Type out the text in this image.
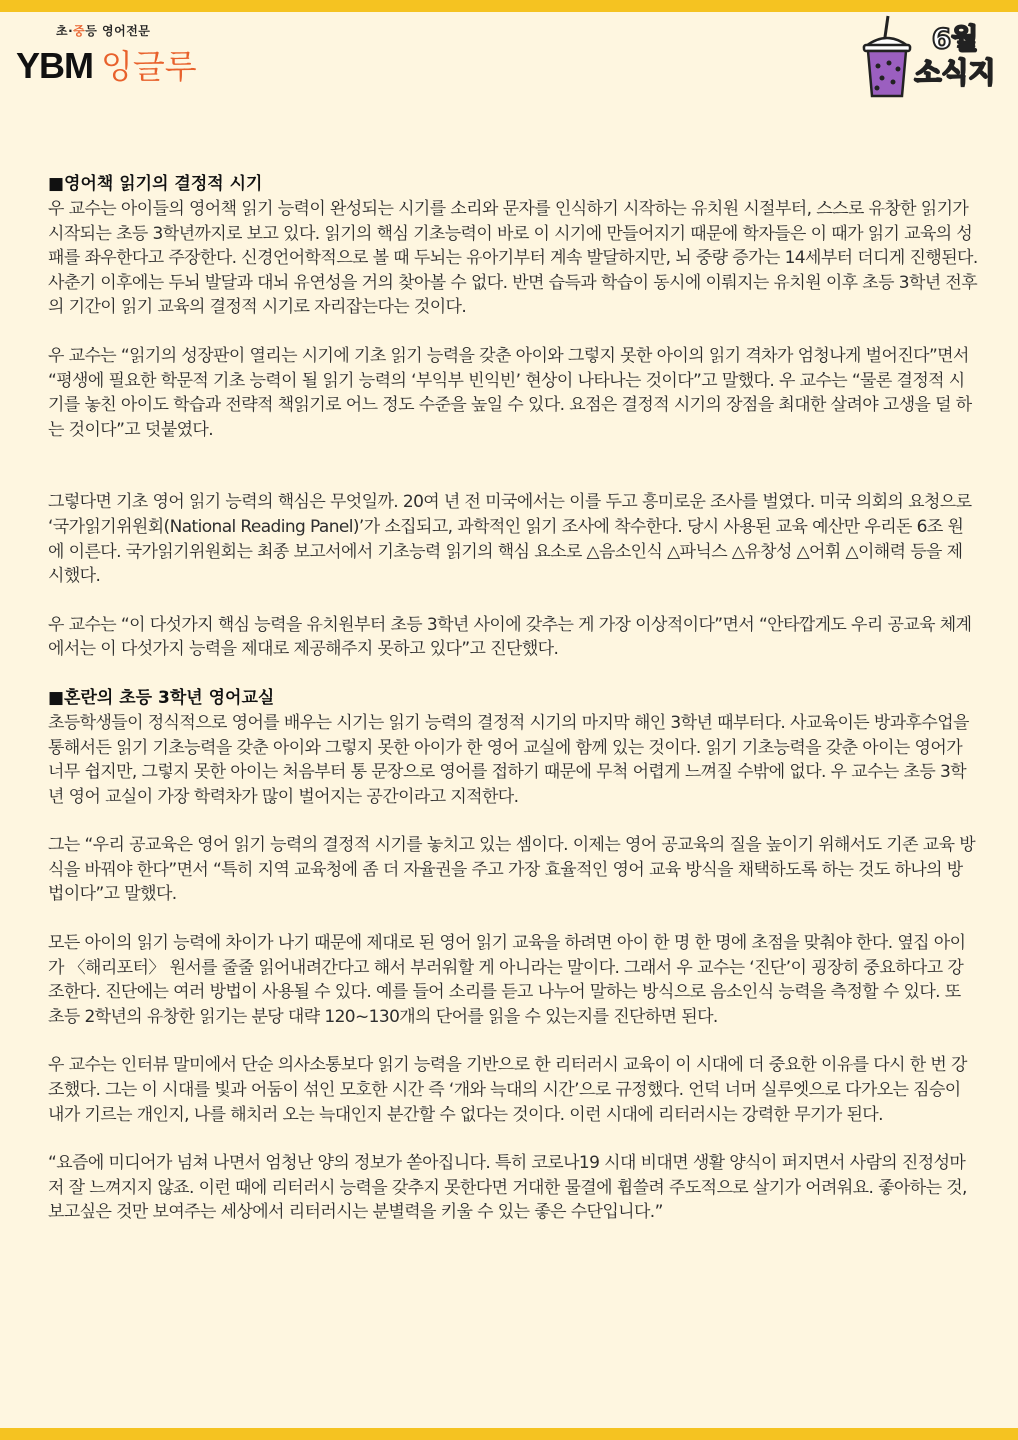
초·중등 영어전문
YBM 잉글루
6월
소식지
■영어책 읽기의 결정적 시기

우 교수는 아이들의 영어책 읽기 능력이 완성되는 시기를 소리와 문자를 인식하기 시작하는 유치원 시절부터, 스스로 유창한 읽기가 시작되는 초등 3학년까지로 보고 있다. 읽기의 핵심 기초능력이 바로 이 시기에 만들어지기 때문에 학자들은 이 때가 읽기 교육의 성패를 좌우한다고 주장한다. 신경언어학적으로 볼 때 두뇌는 유아기부터 계속 발달하지만, 뇌 중량 증가는 14세부터 더디게 진행된다. 사춘기 이후에는 두뇌 발달과 대뇌 유연성을 거의 찾아볼 수 없다. 반면 습득과 학습이 동시에 이뤄지는 유치원 이후 초등 3학년 전후의 기간이 읽기 교육의 결정적 시기로 자리잡는다는 것이다.

우 교수는 “읽기의 성장판이 열리는 시기에 기초 읽기 능력을 갖춘 아이와 그렇지 못한 아이의 읽기 격차가 엄청나게 벌어진다”면서 “평생에 필요한 학문적 기초 능력이 될 읽기 능력의 ‘부익부 빈익빈’ 현상이 나타나는 것이다”고 말했다. 우 교수는 “물론 결정적 시기를 놓친 아이도 학습과 전략적 책읽기로 어느 정도 수준을 높일 수 있다. 요점은 결정적 시기의 장점을 최대한 살려야 고생을 덜 하는 것이다”고 덧붙였다.

그렇다면 기초 영어 읽기 능력의 핵심은 무엇일까. 20여 년 전 미국에서는 이를 두고 흥미로운 조사를 벌였다. 미국 의회의 요청으로 ‘국가읽기위원회(National Reading Panel)’가 소집되고, 과학적인 읽기 조사에 착수한다. 당시 사용된 교육 예산만 우리돈 6조 원에 이른다. 국가읽기위원회는 최종 보고서에서 기초능력 읽기의 핵심 요소로 △음소인식 △파닉스 △유창성 △어휘 △이해력 등을 제시했다.

우 교수는 “이 다섯가지 핵심 능력을 유치원부터 초등 3학년 사이에 갖추는 게 가장 이상적이다”면서 “안타깝게도 우리 공교육 체계에서는 이 다섯가지 능력을 제대로 제공해주지 못하고 있다”고 진단했다.

■혼란의 초등 3학년 영어교실

초등학생들이 정식적으로 영어를 배우는 시기는 읽기 능력의 결정적 시기의 마지막 해인 3학년 때부터다. 사교육이든 방과후수업을 통해서든 읽기 기초능력을 갖춘 아이와 그렇지 못한 아이가 한 영어 교실에 함께 있는 것이다. 읽기 기초능력을 갖춘 아이는 영어가 너무 쉽지만, 그렇지 못한 아이는 처음부터 통 문장으로 영어를 접하기 때문에 무척 어렵게 느껴질 수밖에 없다. 우 교수는 초등 3학년 영어 교실이 가장 학력차가 많이 벌어지는 공간이라고 지적한다.

그는 “우리 공교육은 영어 읽기 능력의 결정적 시기를 놓치고 있는 셈이다. 이제는 영어 공교육의 질을 높이기 위해서도 기존 교육 방식을 바꿔야 한다”면서 “특히 지역 교육청에 좀 더 자율권을 주고 가장 효율적인 영어 교육 방식을 채택하도록 하는 것도 하나의 방법이다”고 말했다.

모든 아이의 읽기 능력에 차이가 나기 때문에 제대로 된 영어 읽기 교육을 하려면 아이 한 명 한 명에 초점을 맞춰야 한다. 옆집 아이가 〈해리포터〉 원서를 줄줄 읽어내려간다고 해서 부러워할 게 아니라는 말이다. 그래서 우 교수는 ‘진단’이 굉장히 중요하다고 강조한다. 진단에는 여러 방법이 사용될 수 있다. 예를 들어 소리를 듣고 나누어 말하는 방식으로 음소인식 능력을 측정할 수 있다. 또 초등 2학년의 유창한 읽기는 분당 대략 120~130개의 단어를 읽을 수 있는지를 진단하면 된다.

우 교수는 인터뷰 말미에서 단순 의사소통보다 읽기 능력을 기반으로 한 리터러시 교육이 이 시대에 더 중요한 이유를 다시 한 번 강조했다. 그는 이 시대를 빛과 어둠이 섞인 모호한 시간 즉 ‘개와 늑대의 시간’으로 규정했다. 언덕 너머 실루엣으로 다가오는 짐승이 내가 기르는 개인지, 나를 해치러 오는 늑대인지 분간할 수 없다는 것이다. 이런 시대에 리터러시는 강력한 무기가 된다.

“요즘에 미디어가 넘쳐 나면서 엄청난 양의 정보가 쏟아집니다. 특히 코로나19 시대 비대면 생활 양식이 퍼지면서 사람의 진정성마저 잘 느껴지지 않죠. 이런 때에 리터러시 능력을 갖추지 못한다면 거대한 물결에 휩쓸려 주도적으로 살기가 어려워요. 좋아하는 것, 보고싶은 것만 보여주는 세상에서 리터러시는 분별력을 키울 수 있는 좋은 수단입니다.”
